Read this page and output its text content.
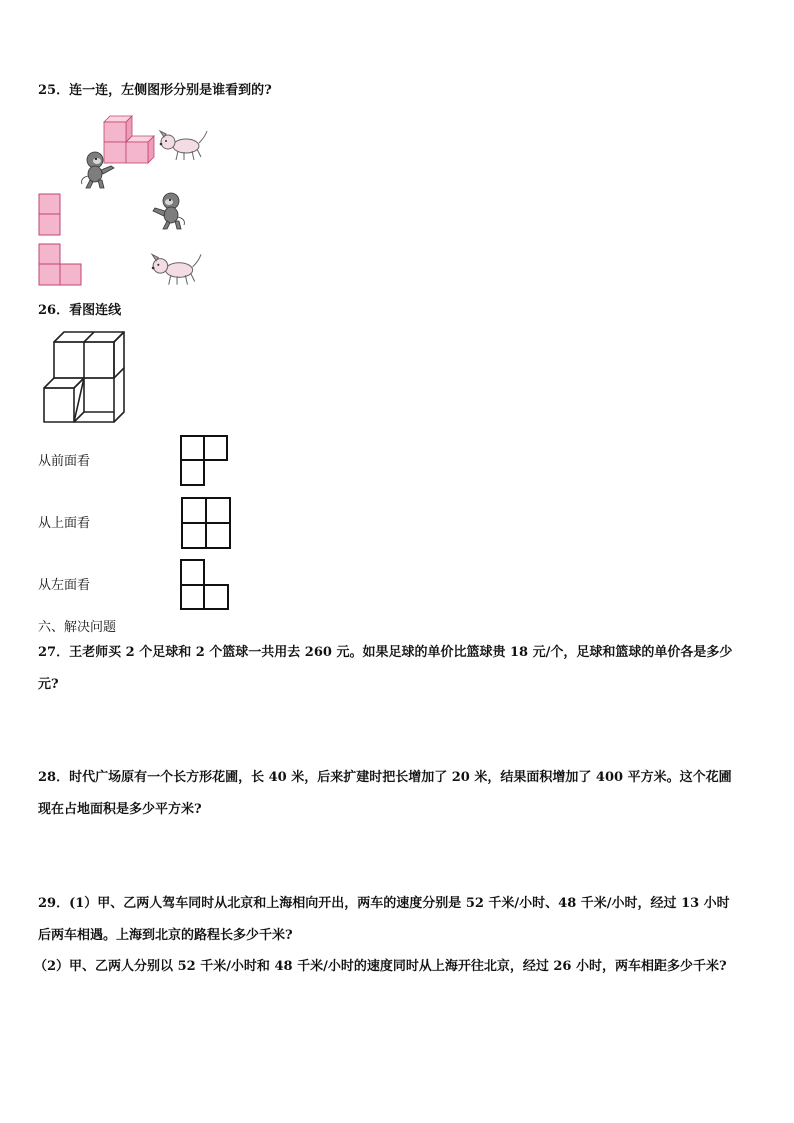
25．连一连，左侧图形分别是谁看到的?
26．看图连线
从前面看
从上面看
从左面看
六、解决问题
27．王老师买 2 个足球和 2 个篮球一共用去 260 元。如果足球的单价比篮球贵 18 元/个，足球和篮球的单价各是多少
元?
28．时代广场原有一个长方形花圃，长 40 米，后来扩建时把长增加了 20 米，结果面积增加了 400 平方米。这个花圃
现在占地面积是多少平方米?
29．(1）甲、乙两人驾车同时从北京和上海相向开出，两车的速度分别是 52 千米/小时、48 千米/小时，经过 13 小时
后两车相遇。上海到北京的路程长多少千米?
（2）甲、乙两人分别以 52 千米/小时和 48 千米/小时的速度同时从上海开往北京，经过 26 小时，两车相距多少千米?
